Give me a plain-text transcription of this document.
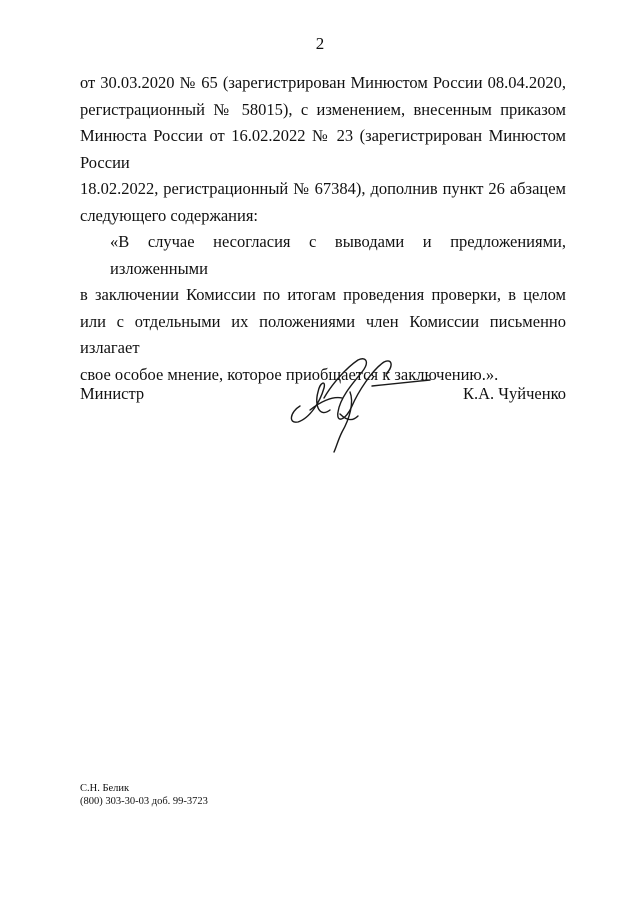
2

от 30.03.2020 № 65 (зарегистрирован Минюстом России 08.04.2020,
регистрационный № 58015), с изменением, внесенным приказом
Минюста России от 16.02.2022 № 23 (зарегистрирован Минюстом России
18.02.2022, регистрационный № 67384), дополнив пункт 26 абзацем
следующего содержания:

«В случае несогласия с выводами и предложениями, изложенными
в заключении Комиссии по итогам проведения проверки, в целом
или с отдельными их положениями член Комиссии письменно излагает
свое особое мнение, которое приобщается к заключению.».

Министр	К.А. Чуйченко
С.Н. Белик
(800) 303-30-03 доб. 99-3723
